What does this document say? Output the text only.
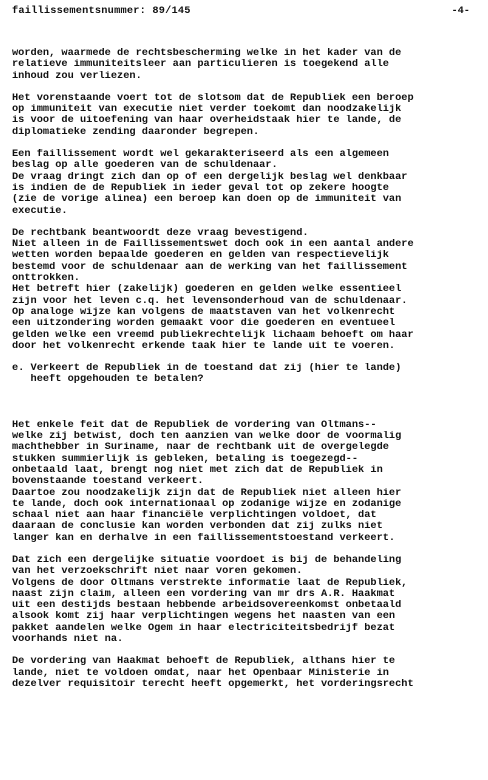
faillissementsnummer: 89/145	-4-
worden, waarmede de rechtsbescherming welke in het kader van de
relatieve immuniteitsleer aan particulieren is toegekend alle
inhoud zou verliezen.
Het vorenstaande voert tot de slotsom dat de Republiek een beroep
op immuniteit van executie niet verder toekomt dan noodzakelijk
is voor de uitoefening van haar overheidstaak hier te lande, de
diplomatieke zending daaronder begrepen.
Een faillissement wordt wel gekarakteriseerd als een algemeen
beslag op alle goederen van de schuldenaar.
De vraag dringt zich dan op of een dergelijk beslag wel denkbaar
is indien de de Republiek in ieder geval tot op zekere hoogte
(zie de vorige alinea) een beroep kan doen op de immuniteit van
executie.
De rechtbank beantwoordt deze vraag bevestigend.
Niet alleen in de Faillissementswet doch ook in een aantal andere
wetten worden bepaalde goederen en gelden van respectievelijk
bestemd voor de schuldenaar aan de werking van het faillissement
onttrokken.
Het betreft hier (zakelijk) goederen en gelden welke essentieel
zijn voor het leven c.q. het levensonderhoud van de schuldenaar.
Op analoge wijze kan volgens de maatstaven van het volkenrecht
een uitzondering worden gemaakt voor die goederen en eventueel
gelden welke een vreemd publiekrechtelijk lichaam behoeft om haar
door het volkenrecht erkende taak hier te lande uit te voeren.
e. Verkeert de Republiek in de toestand dat zij (hier te lande)
heeft opgehouden te betalen?
Het enkele feit dat de Republiek de vordering van Oltmans--
welke zij betwist, doch ten aanzien van welke door de voormalig
machthebber in Suriname, naar de rechtbank uit de overgelegde
stukken summierlijk is gebleken, betaling is toegezegd--
onbetaald laat, brengt nog niet met zich dat de Republiek in
bovenstaande toestand verkeert.
Daartoe zou noodzakelijk zijn dat de Republiek niet alleen hier
te lande, doch ook internationaal op zodanige wijze en zodanige
schaal niet aan haar financiële verplichtingen voldoet, dat
daaraan de conclusie kan worden verbonden dat zij zulks niet
langer kan en derhalve in een faillissementstoestand verkeert.
Dat zich een dergelijke situatie voordoet is bij de behandeling
van het verzoekschrift niet naar voren gekomen.
Volgens de door Oltmans verstrekte informatie laat de Republiek,
naast zijn claim, alleen een vordering van mr drs A.R. Haakmat
uit een destijds bestaan hebbende arbeidsovereenkomst onbetaald
alsook komt zij haar verplichtingen wegens het naasten van een
pakket aandelen welke Ogem in haar electriciteitsbedrijf bezat
voorhands niet na.
De vordering van Haakmat behoeft de Republiek, althans hier te
lande, niet te voldoen omdat, naar het Openbaar Ministerie in
dezelver requisitoir terecht heeft opgemerkt, het vorderingsrecht
